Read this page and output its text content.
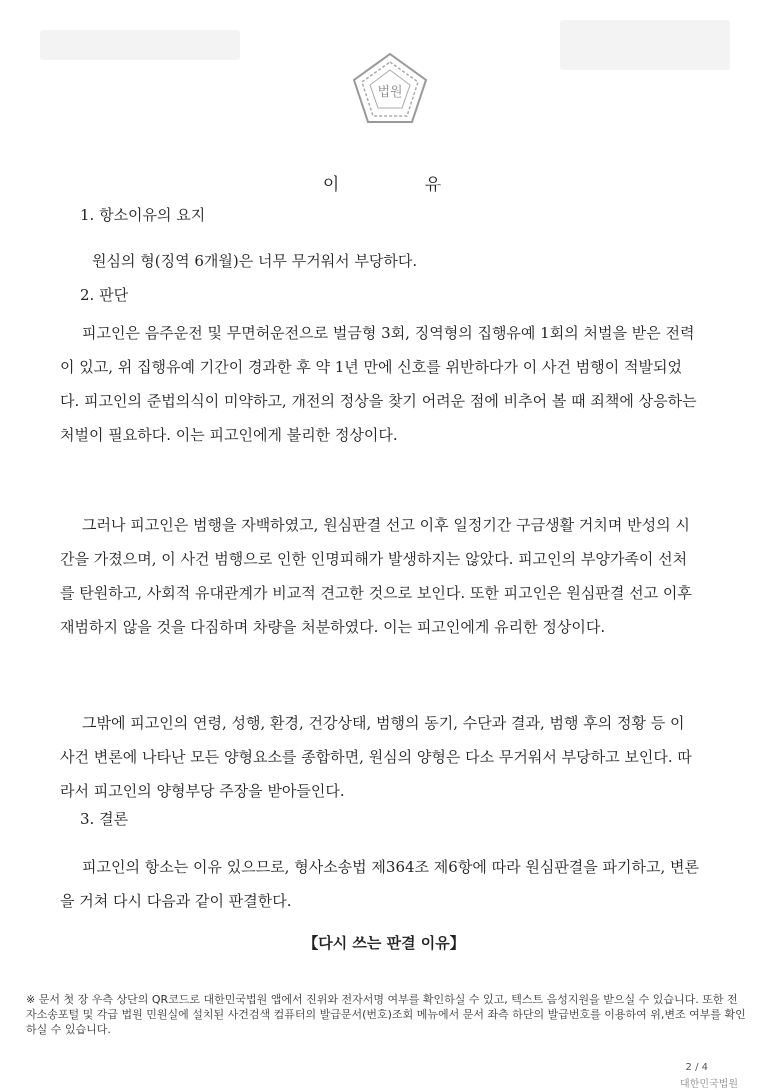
법원
이 유
1. 항소이유의 요지
원심의 형(징역 6개월)은 너무 무거워서 부당하다.
2. 판단
피고인은 음주운전 및 무면허운전으로 벌금형 3회, 징역형의 집행유예 1회의 처벌을 받은 전력이 있고, 위 집행유예 기간이 경과한 후 약 1년 만에 신호를 위반하다가 이 사건 범행이 적발되었다. 피고인의 준법의식이 미약하고, 개전의 정상을 찾기 어려운 점에 비추어 볼 때 죄책에 상응하는 처벌이 필요하다. 이는 피고인에게 불리한 정상이다.
그러나 피고인은 범행을 자백하였고, 원심판결 선고 이후 일정기간 구금생활 거치며 반성의 시간을 가졌으며, 이 사건 범행으로 인한 인명피해가 발생하지는 않았다. 피고인의 부양가족이 선처를 탄원하고, 사회적 유대관계가 비교적 견고한 것으로 보인다. 또한 피고인은 원심판결 선고 이후 재범하지 않을 것을 다짐하며 차량을 처분하였다. 이는 피고인에게 유리한 정상이다.
그밖에 피고인의 연령, 성행, 환경, 건강상태, 범행의 동기, 수단과 결과, 범행 후의 정황 등 이 사건 변론에 나타난 모든 양형요소를 종합하면, 원심의 양형은 다소 무거워서 부당하고 보인다. 따라서 피고인의 양형부당 주장을 받아들인다.
3. 결론
피고인의 항소는 이유 있으므로, 형사소송법 제364조 제6항에 따라 원심판결을 파기하고, 변론을 거쳐 다시 다음과 같이 판결한다.
【다시 쓰는 판결 이유】
※ 문서 첫 장 우측 상단의 QR코드로 대한민국법원 앱에서 진위와 전자서명 여부를 확인하실 수 있고, 텍스트 음성지원을 받으실 수 있습니다. 또한 전자소송포털 및 각급 법원 민원실에 설치된 사건검색 컴퓨터의 발급문서(번호)조회 메뉴에서 문서 좌측 하단의 발급번호를 이용하여 위,변조 여부를 확인하실 수 있습니다.
2 / 4
대한민국법원
